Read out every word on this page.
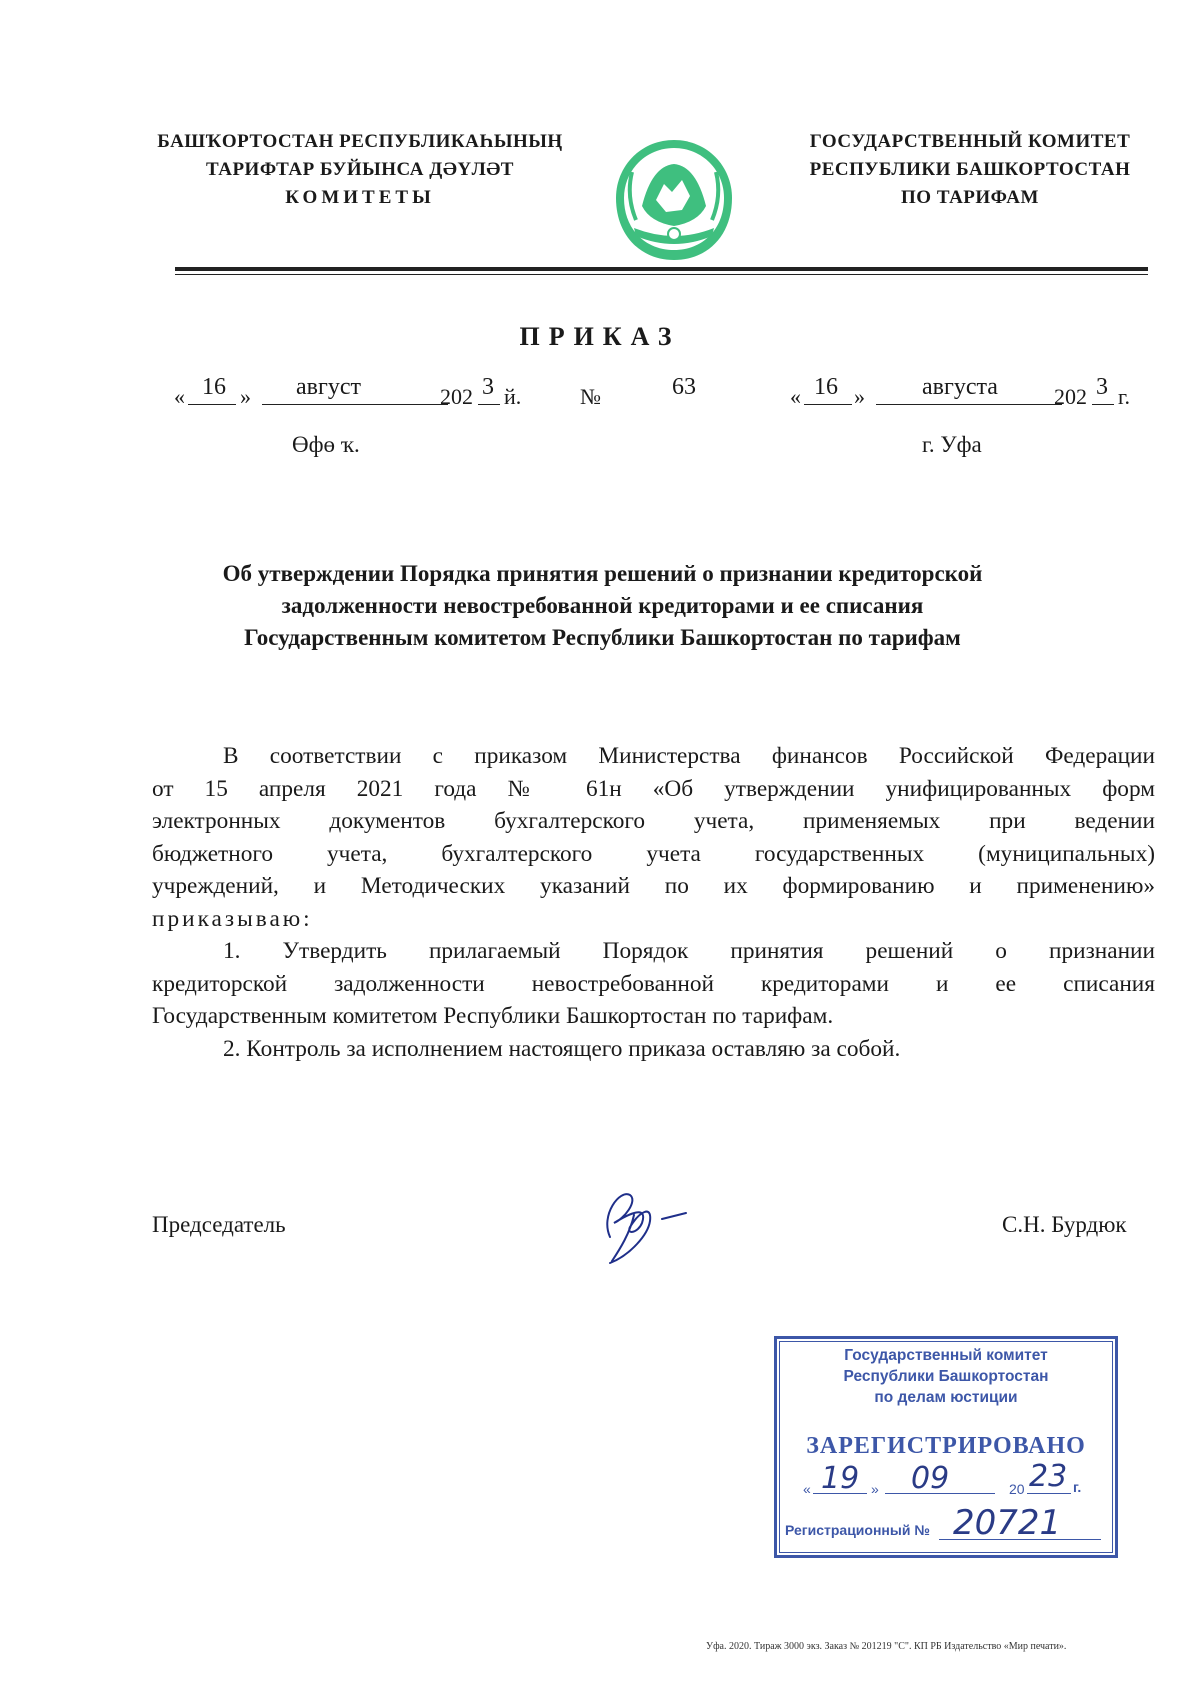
БАШҠОРТОСТАН РЕСПУБЛИКАҺЫНЫҢ
ТАРИФТАР БУЙЫНСА ДӘҮЛӘТ
КОМИТЕТЫ
ГОСУДАРСТВЕННЫЙ КОМИТЕТ
РЕСПУБЛИКИ БАШКОРТОСТАН
ПО ТАРИФАМ
ПРИКАЗ
« 16 » август	202 3 й.	№	63	« 16 » августа	202 3 г.
Өфө ҡ.	г. Уфа
Об утверждении Порядка принятия решений о признании кредиторской
задолженности невостребованной кредиторами и ее списания
Государственным комитетом Республики Башкортостан по тарифам
В соответствии с приказом Министерства финансов Российской Федерации
от 15 апреля 2021 года № 61н «Об утверждении унифицированных форм
электронных документов бухгалтерского учета, применяемых при ведении
бюджетного учета, бухгалтерского учета государственных (муниципальных)
учреждений, и Методических указаний по их формированию и применению»
приказываю:
1. Утвердить прилагаемый Порядок принятия решений о признании
кредиторской задолженности невостребованной кредиторами и ее списания
Государственным комитетом Республики Башкортостан по тарифам.
2. Контроль за исполнением настоящего приказа оставляю за собой.
Председатель	С.Н. Бурдюк
Государственный комитет
Республики Башкортостан
по делам юстиции
ЗАРЕГИСТРИРОВАНО
« 19 » 09	20 23 г.
Регистрационный № 20721
Уфа. 2020. Тираж 3000 экз. Заказ № 201219 "С". КП РБ Издательство «Мир печати».
